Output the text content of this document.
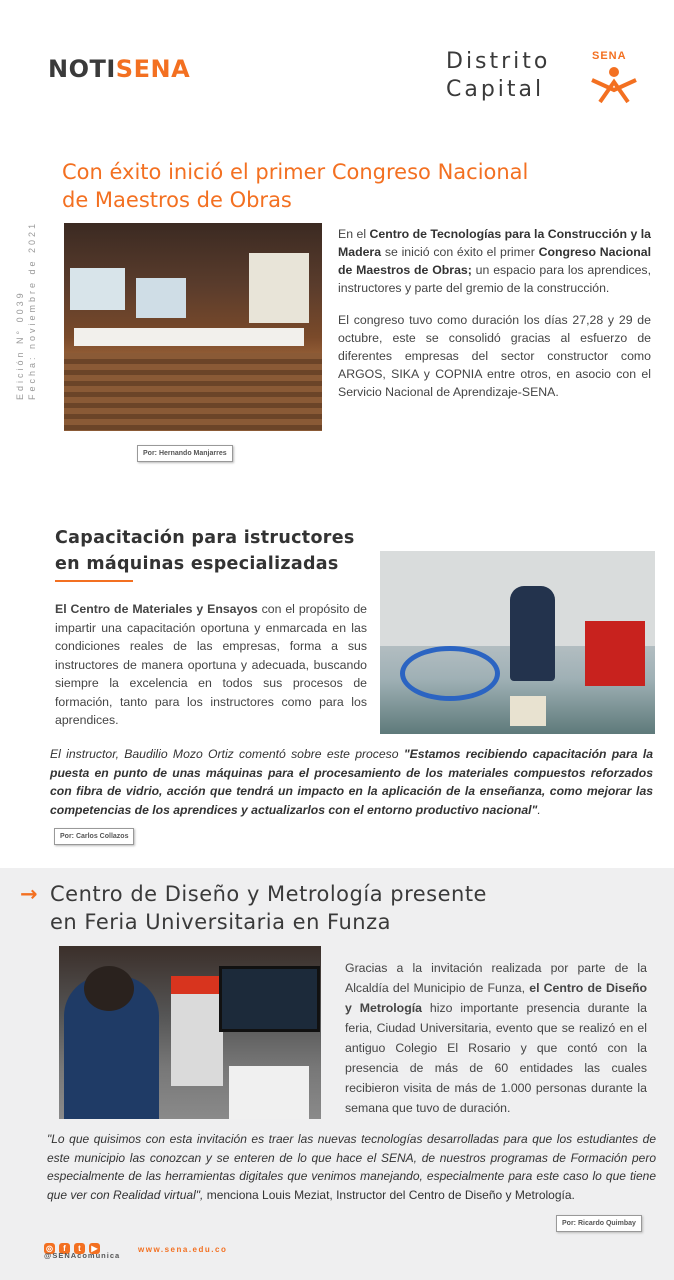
NOTISENA	Distrito
Capital
SENA
Edición N° 0039 Fecha: noviembre de 2021
Con éxito inició el primer Congreso Nacional
de Maestros de Obras
Por: Hernando Manjarres

En el Centro de Tecnologías para la Construcción y la Madera se inició con éxito el primer Congreso Nacional de Maestros de Obras; un espacio para los aprendices, instructores y parte del gremio de la construcción.

El congreso tuvo como duración los días 27,28 y 29 de octubre, este se consolidó gracias al esfuerzo de diferentes empresas del sector constructor como ARGOS, SIKA y COPNIA entre otros, en asocio con el Servicio Nacional de Aprendizaje-SENA.

Capacitación para istructores
en máquinas especializadas
El Centro de Materiales y Ensayos con el propósito de impartir una capacitación oportuna y enmarcada en las condiciones reales de las empresas, forma a sus instructores de manera oportuna y adecuada, buscando siempre la excelencia en todos sus procesos de formación, tanto para los instructores como para los aprendices.
El instructor, Baudilio Mozo Ortiz comentó sobre este proceso "Estamos recibiendo capacitación para la puesta en punto de unas máquinas para el procesamiento de los materiales compuestos reforzados con fibra de vidrio, acción que tendrá un impacto en la aplicación de la enseñanza, como mejorar las competencias de los aprendices y actualizarlos con el entorno productivo nacional".
Por: Carlos Collazos
→ Centro de Diseño y Metrología presente
en Feria Universitaria en Funza
Gracias a la invitación realizada por parte de la Alcaldía del Municipio de Funza, el Centro de Diseño y Metrología hizo importante presencia durante la feria, Ciudad Universitaria, evento que se realizó en el antiguo Colegio El Rosario y que contó con la presencia de más de 60 entidades las cuales recibieron visita de más de 1.000 personas durante la semana que tuvo de duración.
"Lo que quisimos con esta invitación es traer las nuevas tecnologías desarrolladas para que los estudiantes de este municipio las conozcan y se enteren de lo que hace el SENA, de nuestros programas de Formación pero especialmente de las herramientas digitales que venimos manejando, especialmente para este caso lo que tiene que ver con Realidad virtual", menciona Louis Meziat, Instructor del Centro de Diseño y Metrología.
Por: Ricardo Quimbay
◎ f t ▶
@SENAcomunica
www.sena.edu.co
